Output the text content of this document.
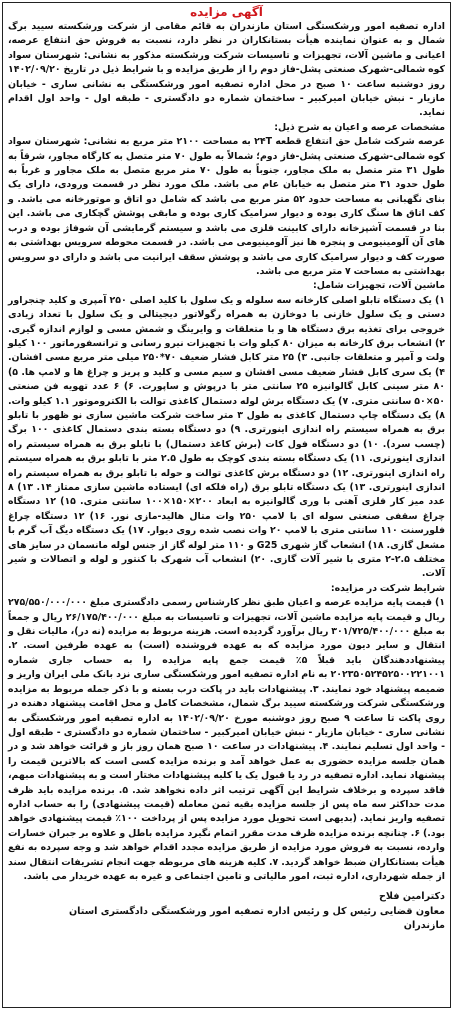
آگهی مزایده

اداره تصفیه امور ورشکستگی استان مازندران به قائم مقامی از شرکت ورشکسته سیید برگ شمال و به عنوان نماینده هیأت بستانکاران در نظر دارد، نسبت به فروش حق انتفاع عرصه، اعیانی و ماشین آلات، تجهیزات و تاسیسات شرکت ورشکسته مذکور به نشانی: شهرستان سواد کوه شمالی-شهرک صنعتی پشل-فاز دوم را از طریق مزایده و با شرایط ذیل در تاریخ ۱۴۰۲/۰۹/۲۰ روز دوشنبه ساعت ۱۰ صبح در محل اداره تصفیه امور ورشکستگی به نشانی ساری - خیابان مازیار - نبش خیابان امیرکبیر - ساختمان شماره دو دادگستری - طبقه اول - واحد اول اقدام نماید.

مشخصات عرصه و اعیان به شرح ذیل:

عرصه شرکت شامل حق انتفاع قطعه ۲۴T به مساحت ۲۱۰۰ متر مربع به نشانی: شهرستان سواد کوه شمالی-شهرک صنعتی پشل-فاز دوم؛ شمالاً به طول ۷۰ متر متصل به کارگاه مجاور، شرقاً به طول ۳۱ متر متصل به ملک مجاور، جنوباً به طول ۷۰ متر مربع متصل به ملک مجاور و غرباً به طول حدود ۳۱ متر متصل به خیابان عام می باشد. ملک مورد نظر در قسمت ورودی، دارای یک بنای نگهبانی به مساحت حدود ۵۲ متر مربع می باشد که شامل دو اتاق و موتورخانه می باشد. و کف اتاق ها سنگ کاری بوده و دیوار سرامیک کاری بوده و مابقی پوشش گچکاری می باشد. این بنا در قسمت آشپزخانه دارای کابینت فلزی می باشد و سیستم گرمایشی آن شوفاژ بوده و درب های آن آلومینیومی و پنجره ها نیز آلومینیومی می باشد. در قسمت محوطه سرویس بهداشتی به صورت کف و دیوار سرامیک کاری می باشد و پوشش سقف ایرانیت می باشد و دارای دو سرویس بهداشتی به مساحت ۷ متر مربع می باشد.

ماشین آلات، تجهیزات شامل:

۱) یک دستگاه تابلو اصلی کارخانه سه سلوله و یک سلول با کلید اصلی ۲۵۰ آمپری و کلید چنجراور دستی و یک سلول خازنی با دوخازن به همراه رگولاتور دیجیتالی و یک سلول با تعداد زیادی خروجی برای تغذیه برق دستگاه ها و با متعلقات و وایرینگ و شمش مسی و لوازم اندازه گیری. ۲) انشعاب برق کارخانه به میزان ۸۰ کیلو وات با تجهیزات نیرو رسانی و ترانسفورماتور ۱۰۰ کیلو ولت و آمپر و متعلقات جانبی. ۳) ۲۵ متر کابل فشار ضعیف ۷۰*۲۵۰ میلی متر مربع مسی افشان. ۴) یک سری کابل فشار ضعیف مسی افشان و سیم مسی و کلید و پریز و چراغ ها و لامپ ها. ۵) ۸۰ متر سینی کابل گالوانیزه ۲۵ سانتی متر با درپوش و ساپورت. ۶) ۶ عدد تهویه فن صنعتی ۵۰×۵۰ سانتی متری. ۷) یک دستگاه برش لوله دستمال کاغذی توالت با الکتروموتور ۱.۱ کیلو وات. ۸) یک دستگاه چاپ دستمال کاغذی به طول ۳ متر ساخت شرکت ماشین سازی نو ظهور با تابلو برق به همراه سیستم راه اندازی اینورتری. ۹) دو دستگاه بسته بندی دستمال کاغذی ۱۰۰ برگ (چسب سرد). ۱۰) دو دستگاه فول کات (برش کاغذ دستمال) با تابلو برق به همراه سیستم راه اندازی اینورتری. ۱۱) یک دستگاه بسته بندی کوچک به طول ۲.۵ متر با تابلو برق به همراه سیستم راه اندازی اینورتری. ۱۲) دو دستگاه برش کاغذی توالت و حوله با تابلو برق به همراه سیستم راه اندازی اینورتری. ۱۳) یک دستگاه تابلو برق (راه فلکه ای) ایستاده ماشین سازی ممتاز ۱۴. ۱۳) ۸ عدد میز کار فلزی آهنی با وری گالوانیزه به ابعاد ۲۰۰×۱۵۰×۱۰۰ سانتی متری. ۱۵) ۱۲ دستگاه چراغ سقفی صنعتی سوله ای با لامپ ۲۵۰ وات متال هالید-مازی نور. ۱۶) ۱۲ دستگاه چراغ فلورسنت ۱۱۰ سانتی متری با لامپ ۲۰ وات نصب شده روی دیوار. ۱۷) یک دستگاه دیگ آب گرم با مشعل گازی. ۱۸) انشعاب گاز شهری G25 و ۱۱۰ متر لوله گاز از جنس لوله مانسمان در سایز های مختلف ۲.۵-۲ متری با شیر آلات گازی. ۲۰) انشعاب آب شهرک با کنتور و لوله و اتصالات و شیر آلات.

شرایط شرکت در مزایده:

۱) قیمت پایه مزایده عرصه و اعیان طبق نظر کارشناس رسمی دادگستری مبلغ ۲۷۵/۵۵۰/۰۰۰/۰۰۰ ریال و قیمت پایه مزایده ماشین آلات، تجهیزات و تاسیسات به مبلغ ۲۶/۱۷۵/۴۰۰/۰۰۰ ریال و جمعاً به مبلغ ۳۰۱/۷۲۵/۴۰۰/۰۰۰ ریال برآورد گردیده است. هزینه مربوط به مزایده (نه در)، مالیات نقل و انتقال و سایر دیون مورد مزایده که به عهده فروشنده (است) به عهده طرفین است. ۲. پیشنهاددهندگان باید قبلاً ۵٪ قیمت جمع پایه مزایده را به حساب جاری شماره ۲۰۲۳۵۰۵۲۴۵۲۵۰۰۲۲۱۰۰۱ به نام اداره تصفیه امور ورشکستگی ساری نزد بانک ملی ایران واریز و ضمیمه پیشنهاد خود نمایند. ۳. پیشنهادات باید در پاکت درب بسته و با ذکر جمله مربوط به مزایده ورشکستگی شرکت ورشکسته سیید برگ شمال، مشخصات کامل و محل اقامت پیشنهاد دهنده در روی پاکت تا ساعت ۹ صبح روز دوشنبه مورخ ۱۴۰۲/۰۹/۲۰ به اداره تصفیه امور ورشکستگی به نشانی ساری - خیابان مازیار - نبش خیابان امیرکبیر - ساختمان شماره دو دادگستری - طبقه اول - واحد اول تسلیم نمایند. ۴. پیشنهادات در ساعت ۱۰ صبح همان روز باز و قرائت خواهد شد و در همان جلسه مزایده حضوری به عمل خواهد آمد و برنده مزایده کسی است که بالاترین قیمت را پیشنهاد نماید. اداره تصفیه در رد یا قبول یک یا کلیه پیشنهادات مختار است و به پیشنهادات مبهم، فاقد سپرده و برخلاف شرایط این آگهی ترتیب اثر داده نخواهد شد. ۵. برنده مزایده باید ظرف مدت حداکثر سه ماه پس از جلسه مزایده بقیه ثمن معامله (قیمت پیشنهادی) را به حساب اداره تصفیه واریز نماید. (بدیهی است تحویل مورد مزایده پس از پرداخت ۱۰۰٪ قیمت پیشنهادی خواهد بود.) ۶. چنانچه برنده مزایده ظرف مدت مقرر اتمام نگیرد مزایده باطل و علاوه بر جبران خسارات وارده، نسبت به فروش مورد مزایده از طریق مزایده مجدد اقدام خواهد شد و وجه سپرده به نفع هیأت بستانکاران ضبط خواهد گردید. ۷. کلیه هزینه های مربوطه جهت انجام تشریفات انتقال سند از جمله شهرداری، اداره ثبت، امور مالیاتی و تامین اجتماعی و غیره به عهده خریدار می باشد.

دکترامین فلاح
معاون قضایی رئیس کل و رئیس اداره تصفیه امور ورشکستگی دادگستری استان
مازندران
